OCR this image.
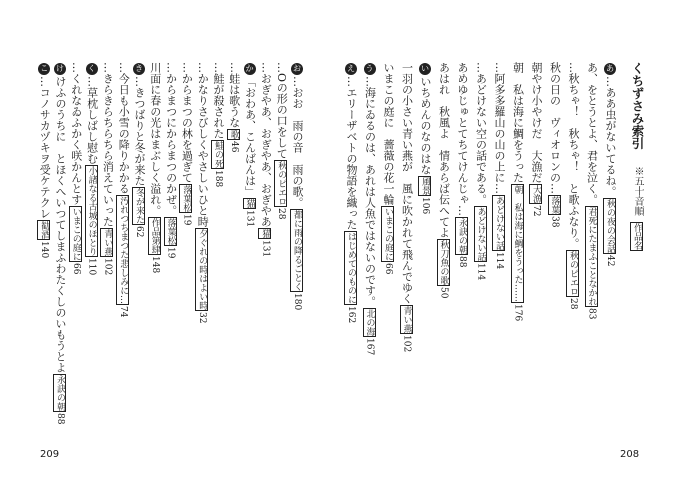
くちずさみ索引  ※五十音順 作品名
あ…ああ虫がないてるね。秋の夜の会話42
あ、をとうとよ、君を泣く。君死にたまふことなかれ83
…秋ちゃ！　秋ちゃ！　と歌ふなり。秋のピエロ28
秋の日の　ヴィオロンの…落葉38
朝やけ小やけだ　大漁だ大漁72
朝　私は海に鯛をうった朝　私は海に鯛をうった……176
…阿多多羅山の山の上に…あどけない話114
…あどけない空の話である。あどけない話114
あめゆじゅとてちてけんじゃ…永訣の朝88
あはれ　秋風よ　情あらば伝へてよ秋刀魚の歌50
いいちめんのなのはな風景106
一羽の小さい青い燕が　風に吹かれて飛んでゆく青い燕102
いまこの庭に　薔薇の花一輪いまこの庭に66
う…海にゐるのは、あれは人魚ではないのです。北の海167
え…エリーザベトの物語を織ったはじめてのものに162
お…おお　雨の音　雨の歌。都に雨の降るごとく180
…Oの形の口をして秋のピエロ28
…おぎやあ、おぎやあ、おぎやあ猫131
か「おわあ、こんばんは」猫131
…蛙は歌うな歌46
…鮭が殺された鮭の死188
…かなりさびしくやさしいひと時夕ぐれの時はよい時32
…からまつの林を過ぎて落葉松19
…からまつにからまつのかぜ。落葉松19
川面に春の光はまぶしく溢れ。作品第肆148
き…きつばりと冬が来た冬が来た62
…今日も小雪の降りかかる汚れつちまつた悲しみに…74
…きらきらちらちら消えていった青い燕102
く…草枕しばし慰む小諸なる古城のほとり110
…くれなゐふかく咲かんとすいまこの庭に66
けけふのうちに　とほくへいつてしまふわたくしのいもうとよ永訣の朝88
こ…コノサカヅキヲ受ケテクレ勧酒140
209	208
